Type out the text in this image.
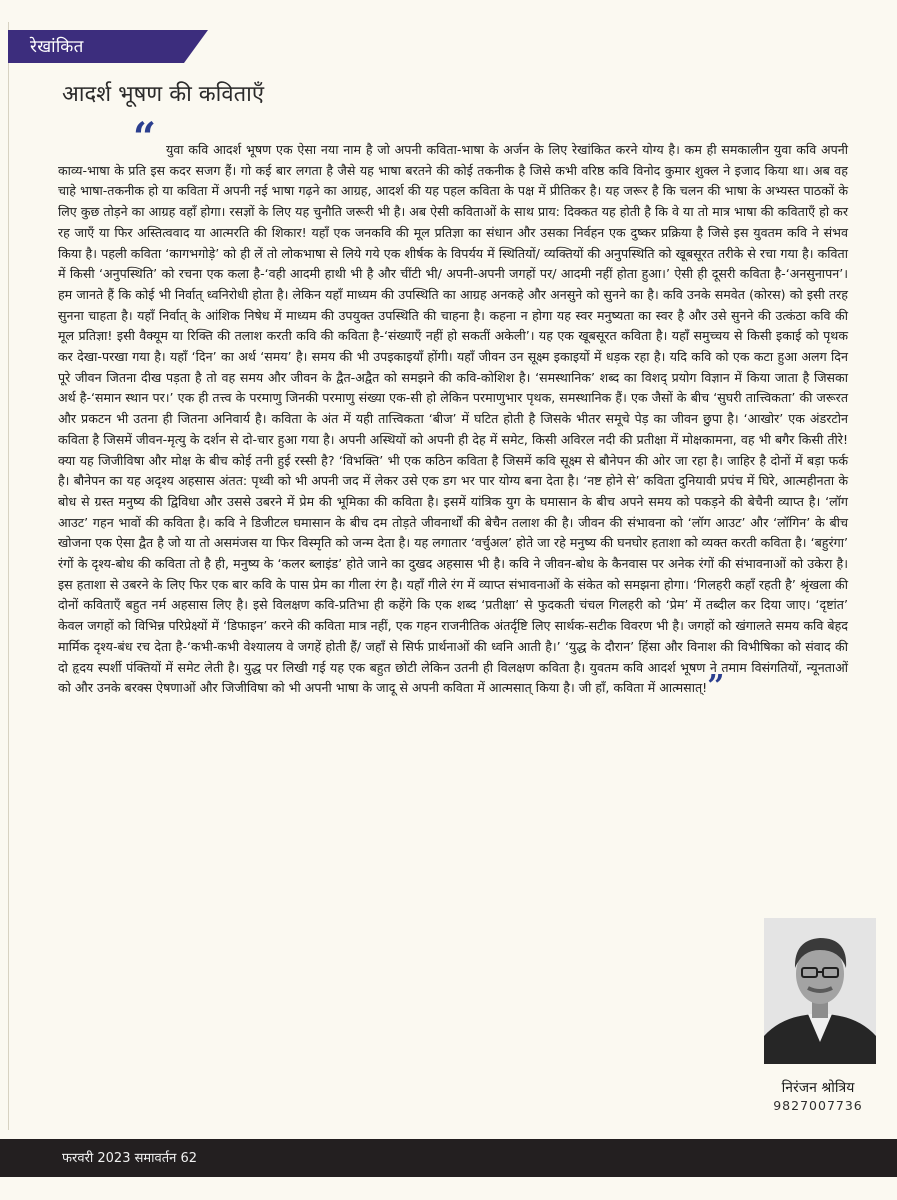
रेखांकित
आदर्श भूषण की कविताएँ
“ युवा कवि आदर्श भूषण एक ऐसा नया नाम है जो अपनी कविता-भाषा के अर्जन के लिए रेखांकित करने योग्य है। कम ही समकालीन युवा कवि अपनी काव्य-भाषा के प्रति इस कदर सजग हैं। गो कई बार लगता है जैसे यह भाषा बरतने की कोई तकनीक है जिसे कभी वरिष्ठ कवि विनोद कुमार शुक्ल ने इजाद किया था। अब वह चाहे भाषा-तकनीक हो या कविता में अपनी नई भाषा गढ़ने का आग्रह, आदर्श की यह पहल कविता के पक्ष में प्रीतिकर है। यह जरूर है कि चलन की भाषा के अभ्यस्त पाठकों के लिए कुछ तोड़ने का आग्रह वहाँ होगा। रसज्ञों के लिए यह चुनौति जरूरी भी है। अब ऐसी कविताओं के साथ प्राय: दिक्कत यह होती है कि वे या तो मात्र भाषा की कविताएँ हो कर रह जाएँ या फिर अस्तित्ववाद या आत्मरति की शिकार! यहाँ एक जनकवि की मूल प्रतिज्ञा का संधान और उसका निर्वहन एक दुष्कर प्रक्रिया है जिसे इस युवतम कवि ने संभव किया है। पहली कविता ‘कागभगोड़े’ को ही लें तो लोकभाषा से लिये गये एक शीर्षक के विपर्यय में स्थितियों/ व्यक्तियों की अनुपस्थिति को खूबसूरत तरीके से रचा गया है। कविता में किसी ‘अनुपस्थिति’ को रचना एक कला है-‘वही आदमी हाथी भी है और चींटी भी/ अपनी-अपनी जगहों पर/ आदमी नहीं होता हुआ।’ ऐसी ही दूसरी कविता है-‘अनसुनापन’। हम जानते हैं कि कोई भी निर्वात् ध्वनिरोधी होता है। लेकिन यहाँ माध्यम की उपस्थिति का आग्रह अनकहे और अनसुने को सुनने का है। कवि उनके समवेत (कोरस) को इसी तरह सुनना चाहता है। यहाँ निर्वात् के आंशिक निषेध में माध्यम की उपयुक्त उपस्थिति की चाहना है। कहना न होगा यह स्वर मनुष्यता का स्वर है और उसे सुनने की उत्कंठा कवि की मूल प्रतिज्ञा! इसी वैक्यूम या रिक्ति की तलाश करती कवि की कविता है-‘संख्याएँ नहीं हो सकतीं अकेली’। यह एक खूबसूरत कविता है। यहाँ समुच्चय से किसी इकाई को पृथक कर देखा-परखा गया है। यहाँ ‘दिन’ का अर्थ ‘समय’ है। समय की भी उपइकाइयाँ होंगी। यहाँ जीवन उन सूक्ष्म इकाइयों में धड़क रहा है। यदि कवि को एक कटा हुआ अलग दिन पूरे जीवन जितना दीख पड़ता है तो वह समय और जीवन के द्वैत-अद्वैत को समझने की कवि-कोशिश है। ‘समस्थानिक’ शब्द का विशद् प्रयोग विज्ञान में किया जाता है जिसका अर्थ है-‘समान स्थान पर।’ एक ही तत्त्व के परमाणु जिनकी परमाणु संख्या एक-सी हो लेकिन परमाणुभार पृथक, समस्थानिक हैं। एक जैसों के बीच ‘सुघरी तात्त्विकता’ की जरूरत और प्रकटन भी उतना ही जितना अनिवार्य है। कविता के अंत में यही तात्त्विकता ‘बीज’ में घटित होती है जिसके भीतर समूचे पेड़ का जीवन छुपा है। ‘आखोर’ एक अंडरटोन कविता है जिसमें जीवन-मृत्यु के दर्शन से दो-चार हुआ गया है। अपनी अस्थियों को अपनी ही देह में समेट, किसी अविरल नदी की प्रतीक्षा में मोक्षकामना, वह भी बगैर किसी तीरे! क्या यह जिजीविषा और मोक्ष के बीच कोई तनी हुई रस्सी है? ‘विभक्ति’ भी एक कठिन कविता है जिसमें कवि सूक्ष्म से बौनेपन की ओर जा रहा है। जाहिर है दोनों में बड़ा फर्क है। बौनेपन का यह अदृश्य अहसास अंतत: पृथ्वी को भी अपनी जद में लेकर उसे एक डग भर पार योग्य बना देता है। ‘नष्ट होने से’ कविता दुनियावी प्रपंच में घिरे, आत्महीनता के बोध से ग्रस्त मनुष्य की द्विविधा और उससे उबरने में प्रेम की भूमिका की कविता है। इसमें यांत्रिक युग के घमासान के बीच अपने समय को पकड़ने की बेचैनी व्याप्त है। ‘लॉग आउट’ गहन भावों की कविता है। कवि ने डिजीटल घमासान के बीच दम तोड़ते जीवनार्थों की बेचैन तलाश की है। जीवन की संभावना को ‘लॉग आउट’ और ‘लॉगिन’ के बीच खोजना एक ऐसा द्वैत है जो या तो असमंजस या फिर विस्मृति को जन्म देता है। यह लगातार ‘वर्चुअल’ होते जा रहे मनुष्य की घनघोर हताशा को व्यक्त करती कविता है। ‘बहुरंगा’ रंगों के दृश्य-बोध की कविता तो है ही, मनुष्य के ‘कलर ब्लाइंड’ होते जाने का दुखद अहसास भी है। कवि ने जीवन-बोध के कैनवास पर अनेक रंगों की संभावनाओं को उकेरा है। इस हताशा से उबरने के लिए फिर एक बार कवि के पास प्रेम का गीला रंग है। यहाँ गीले रंग में व्याप्त संभावनाओं के संकेत को समझना होगा। ‘गिलहरी कहाँ रहती है’ श्रृंखला की दोनों कविताएँ बहुत नर्म अहसास लिए है। इसे विलक्षण कवि-प्रतिभा ही कहेंगे कि एक शब्द ‘प्रतीक्षा’ से फुदकती चंचल गिलहरी को ‘प्रेम’ में तब्दील कर दिया जाए। ‘दृष्टांत’ केवल जगहों को विभिन्न परिप्रेक्ष्यों में ‘डिफाइन’ करने की कविता मात्र नहीं, एक गहन राजनीतिक अंतर्दृष्टि लिए सार्थक-सटीक विवरण भी है। जगहों को खंगालते समय कवि बेहद मार्मिक दृश्य-बंध रच देता है-‘कभी-कभी वेश्यालय वे जगहें होती हैं/ जहाँ से सिर्फ प्रार्थनाओं की ध्वनि आती है।’ ‘युद्ध के दौरान’ हिंसा और विनाश की विभीषिका को संवाद की दो हृदय स्पर्शी पंक्तियों में समेट लेती है। युद्ध पर लिखी गई यह एक बहुत छोटी लेकिन उतनी ही विलक्षण कविता है। युवतम कवि आदर्श भूषण ने तमाम विसंगतियों, न्यूनताओं को और उनके बरक्स ऐषणाओं और जिजीविषा को भी अपनी भाषा के जादू से अपनी कविता में आत्मसात् किया है। जी हाँ, कविता में आत्मसात्!”
निरंजन श्रोत्रिय
9827007736
फरवरी 2023 समावर्तन 62
